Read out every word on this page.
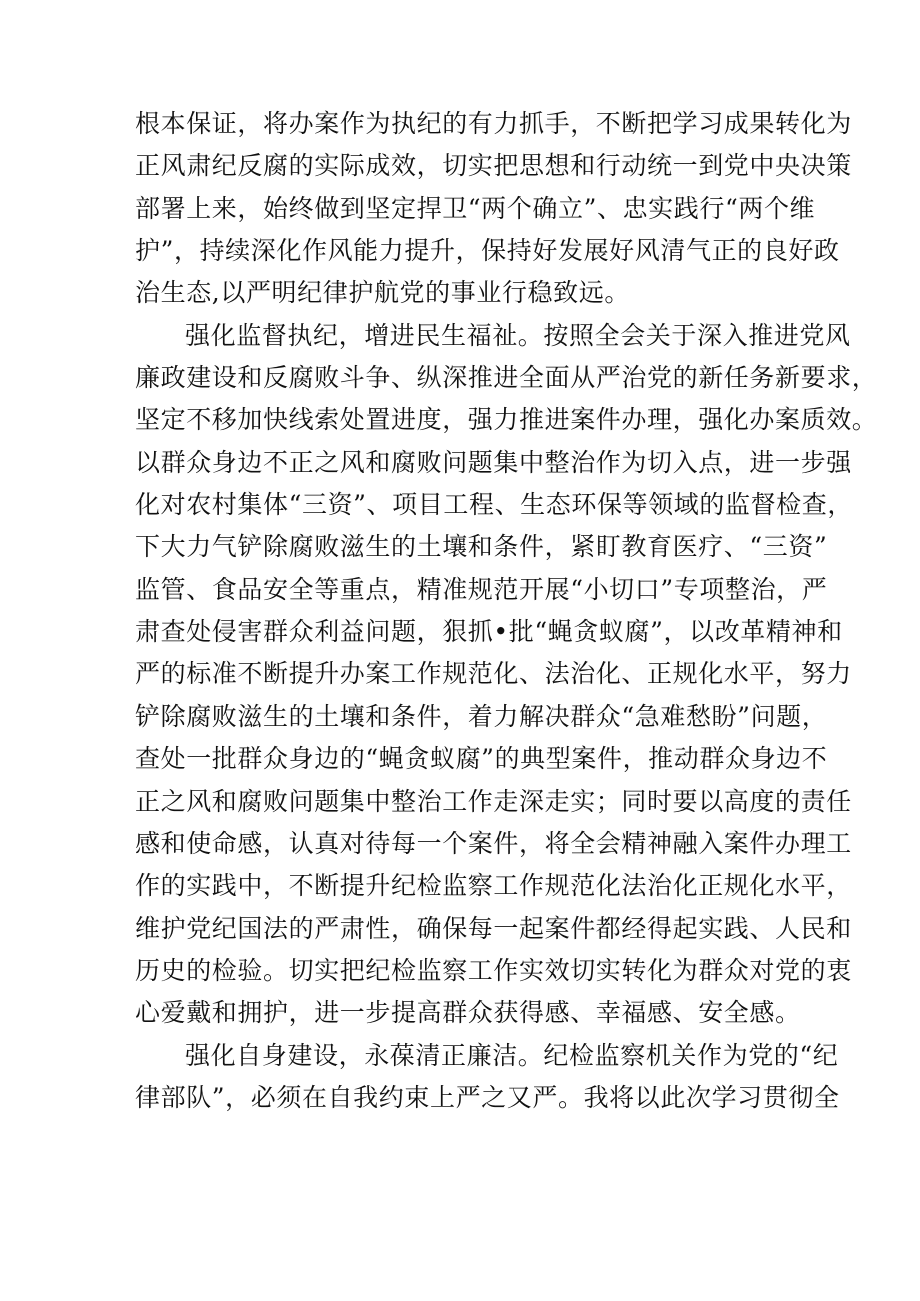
根本保证，将办案作为执纪的有力抓手，不断把学习成果转化为
正风肃纪反腐的实际成效，切实把思想和行动统一到党中央决策
部署上来，始终做到坚定捍卫“两个确立”、忠实践行“两个维
护”，持续深化作风能力提升，保持好发展好风清气正的良好政
治生态,以严明纪律护航党的事业行稳致远。
强化监督执纪，增进民生福祉。按照全会关于深入推进党风
廉政建设和反腐败斗争、纵深推进全面从严治党的新任务新要求，
坚定不移加快线索处置进度，强力推进案件办理，强化办案质效。
以群众身边不正之风和腐败问题集中整治作为切入点，进一步强
化对农村集体“三资”、项目工程、生态环保等领域的监督检查，
下大力气铲除腐败滋生的土壤和条件，紧盯教育医疗、“三资”
监管、食品安全等重点，精准规范开展“小切口”专项整治，严
肃查处侵害群众利益问题，狠抓•批“蝇贪蚁腐”，以改革精神和
严的标准不断提升办案工作规范化、法治化、正规化水平，努力
铲除腐败滋生的土壤和条件，着力解决群众“急难愁盼”问题，
查处一批群众身边的“蝇贪蚁腐”的典型案件，推动群众身边不
正之风和腐败问题集中整治工作走深走实；同时要以高度的责任
感和使命感，认真对待每一个案件，将全会精神融入案件办理工
作的实践中，不断提升纪检监察工作规范化法治化正规化水平，
维护党纪国法的严肃性，确保每一起案件都经得起实践、人民和
历史的检验。切实把纪检监察工作实效切实转化为群众对党的衷
心爱戴和拥护，进一步提高群众获得感、幸福感、安全感。
强化自身建设，永葆清正廉洁。纪检监察机关作为党的“纪
律部队”，必须在自我约束上严之又严。我将以此次学习贯彻全
